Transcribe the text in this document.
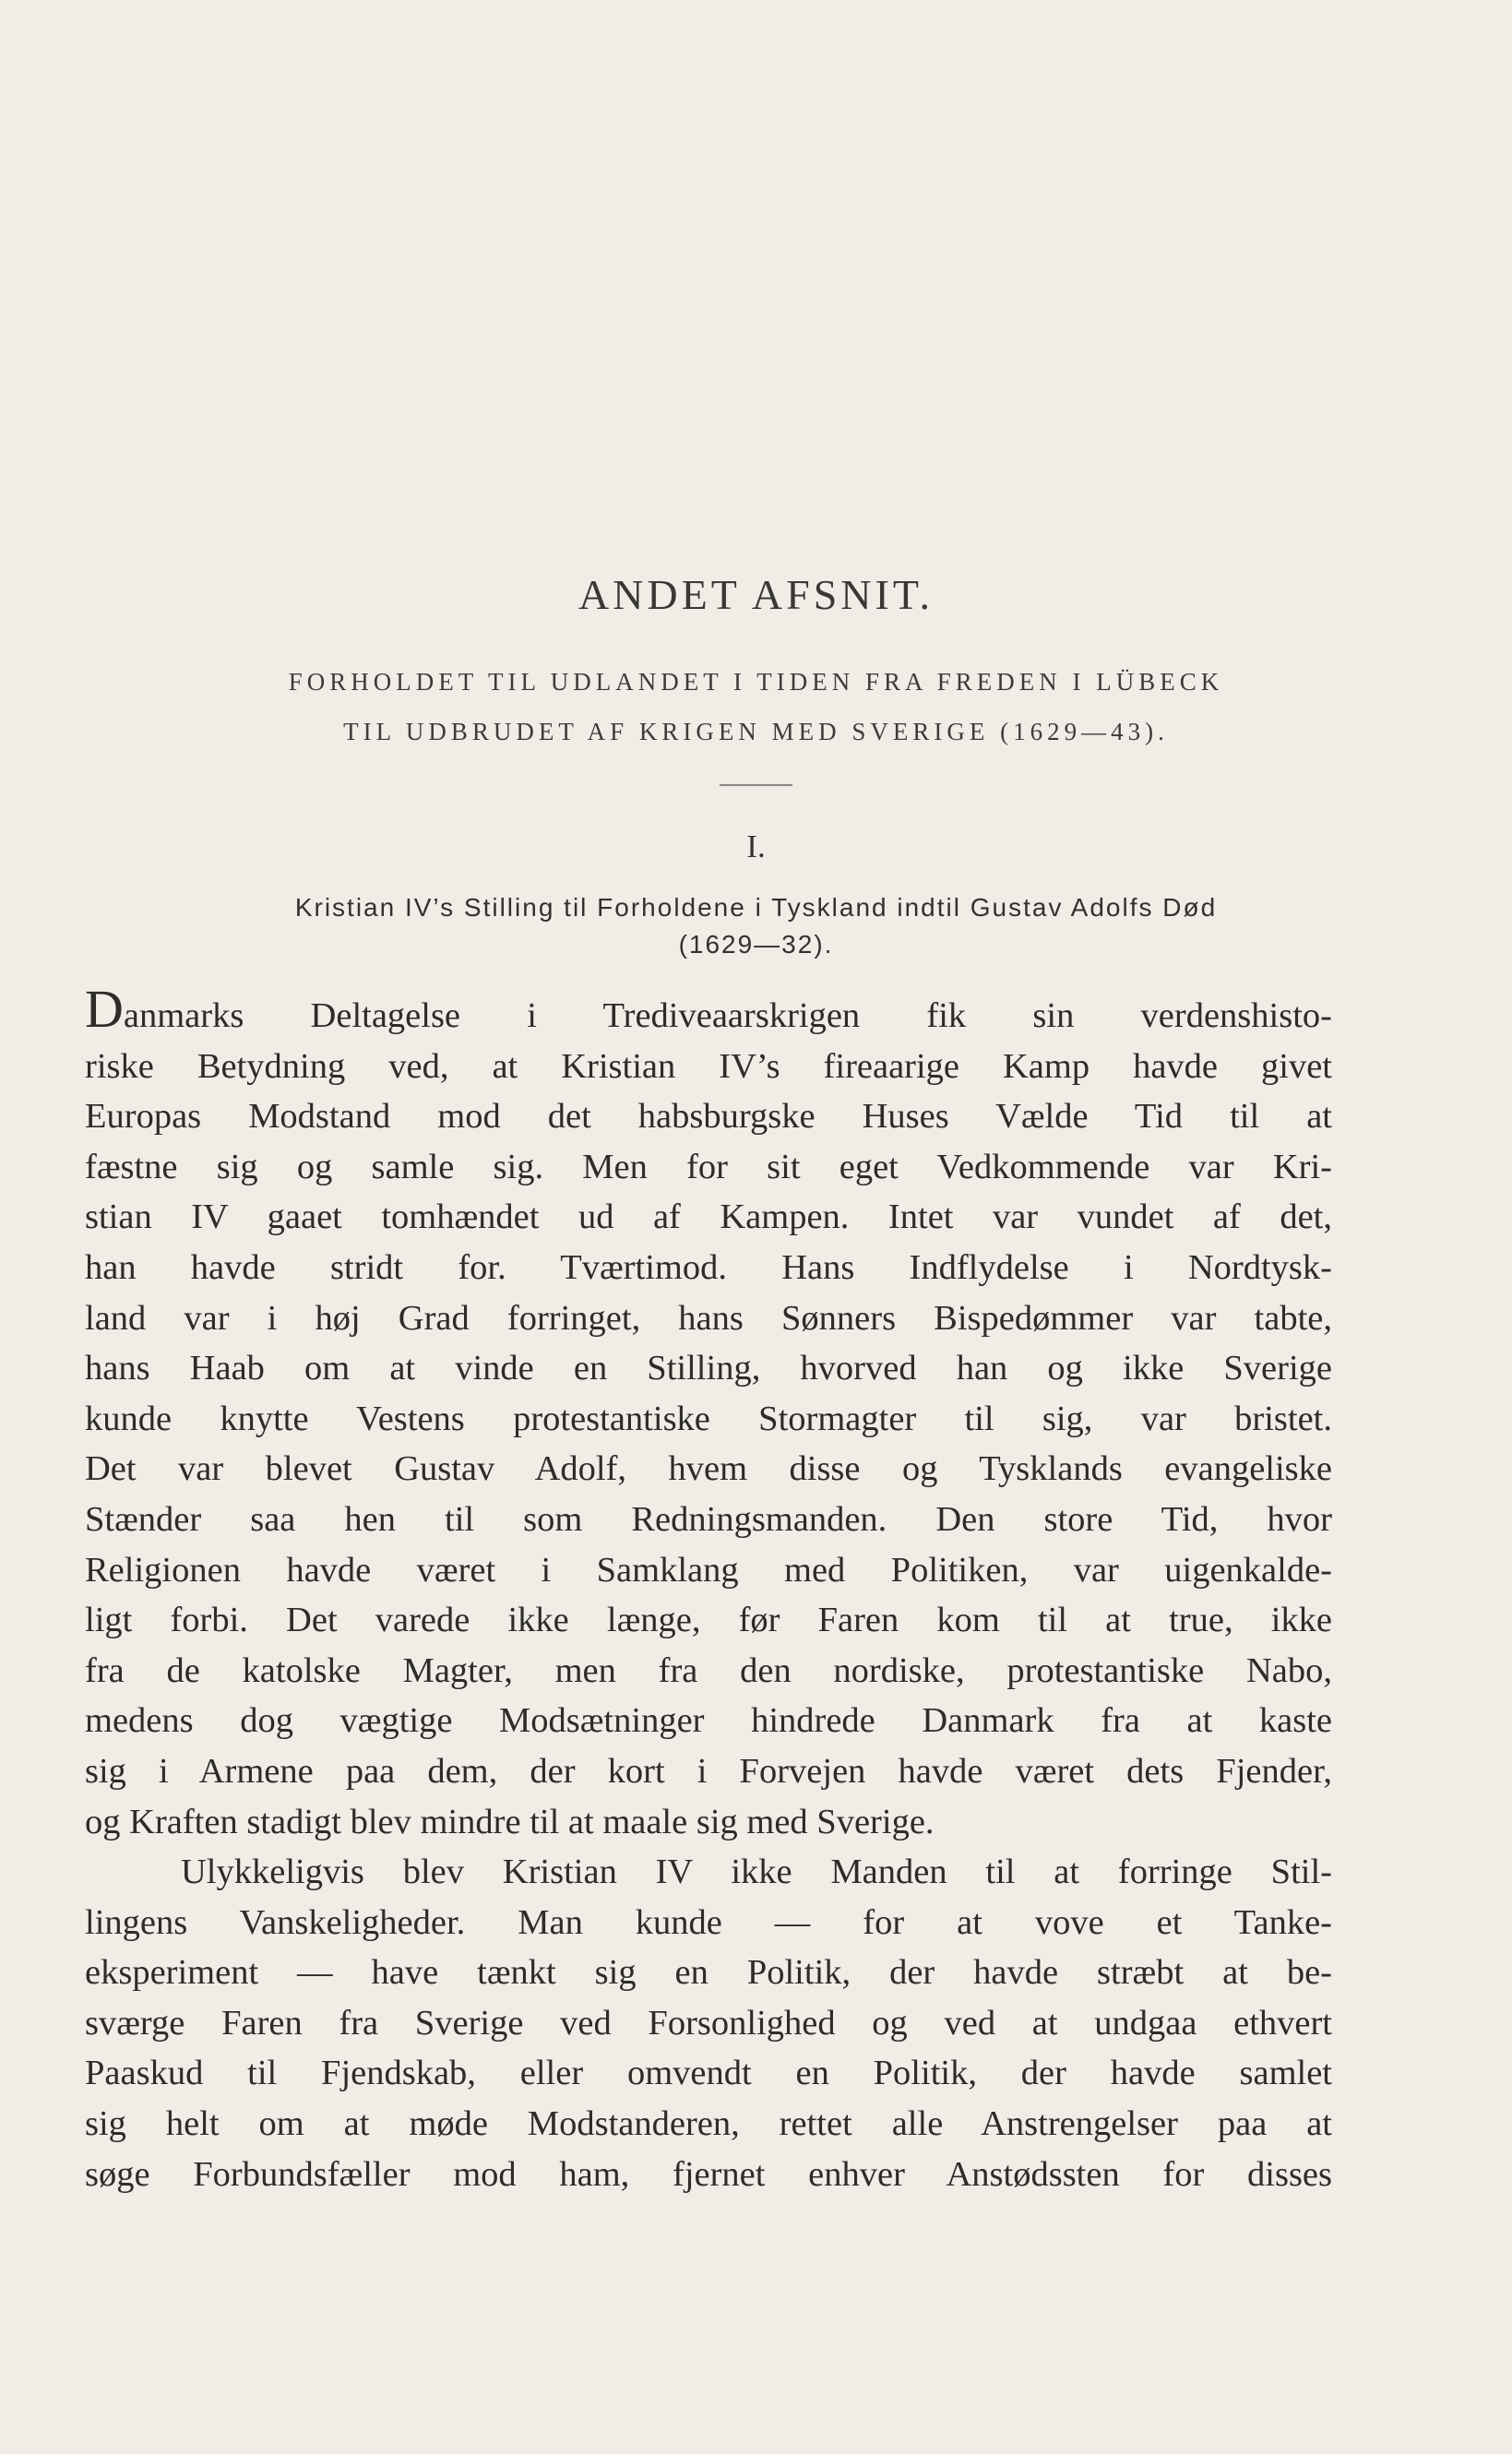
ANDET AFSNIT.
FORHOLDET TIL UDLANDET I TIDEN FRA FREDEN I LÜBECK
TIL UDBRUDET AF KRIGEN MED SVERIGE (1629—43).
I.
Kristian IV’s Stilling til Forholdene i Tyskland indtil Gustav Adolfs Død
(1629—32).
Danmarks Deltagelse i Trediveaarskrigen fik sin verdenshisto-
riske Betydning ved, at Kristian IV’s fireaarige Kamp havde givet
Europas Modstand mod det habsburgske Huses Vælde Tid til at
fæstne sig og samle sig. Men for sit eget Vedkommende var Kri-
stian IV gaaet tomhændet ud af Kampen. Intet var vundet af det,
han havde stridt for. Tværtimod. Hans Indflydelse i Nordtysk-
land var i høj Grad forringet, hans Sønners Bispedømmer var tabte,
hans Haab om at vinde en Stilling, hvorved han og ikke Sverige
kunde knytte Vestens protestantiske Stormagter til sig, var bristet.
Det var blevet Gustav Adolf, hvem disse og Tysklands evangeliske
Stænder saa hen til som Redningsmanden. Den store Tid, hvor
Religionen havde været i Samklang med Politiken, var uigenkalde-
ligt forbi. Det varede ikke længe, før Faren kom til at true, ikke
fra de katolske Magter, men fra den nordiske, protestantiske Nabo,
medens dog vægtige Modsætninger hindrede Danmark fra at kaste
sig i Armene paa dem, der kort i Forvejen havde været dets Fjender,
og Kraften stadigt blev mindre til at maale sig med Sverige.
Ulykkeligvis blev Kristian IV ikke Manden til at forringe Stil-
lingens Vanskeligheder. Man kunde — for at vove et Tanke-
eksperiment — have tænkt sig en Politik, der havde stræbt at be-
sværge Faren fra Sverige ved Forsonlighed og ved at undgaa ethvert
Paaskud til Fjendskab, eller omvendt en Politik, der havde samlet
sig helt om at møde Modstanderen, rettet alle Anstrengelser paa at
søge Forbundsfæller mod ham, fjernet enhver Anstødssten for disses
